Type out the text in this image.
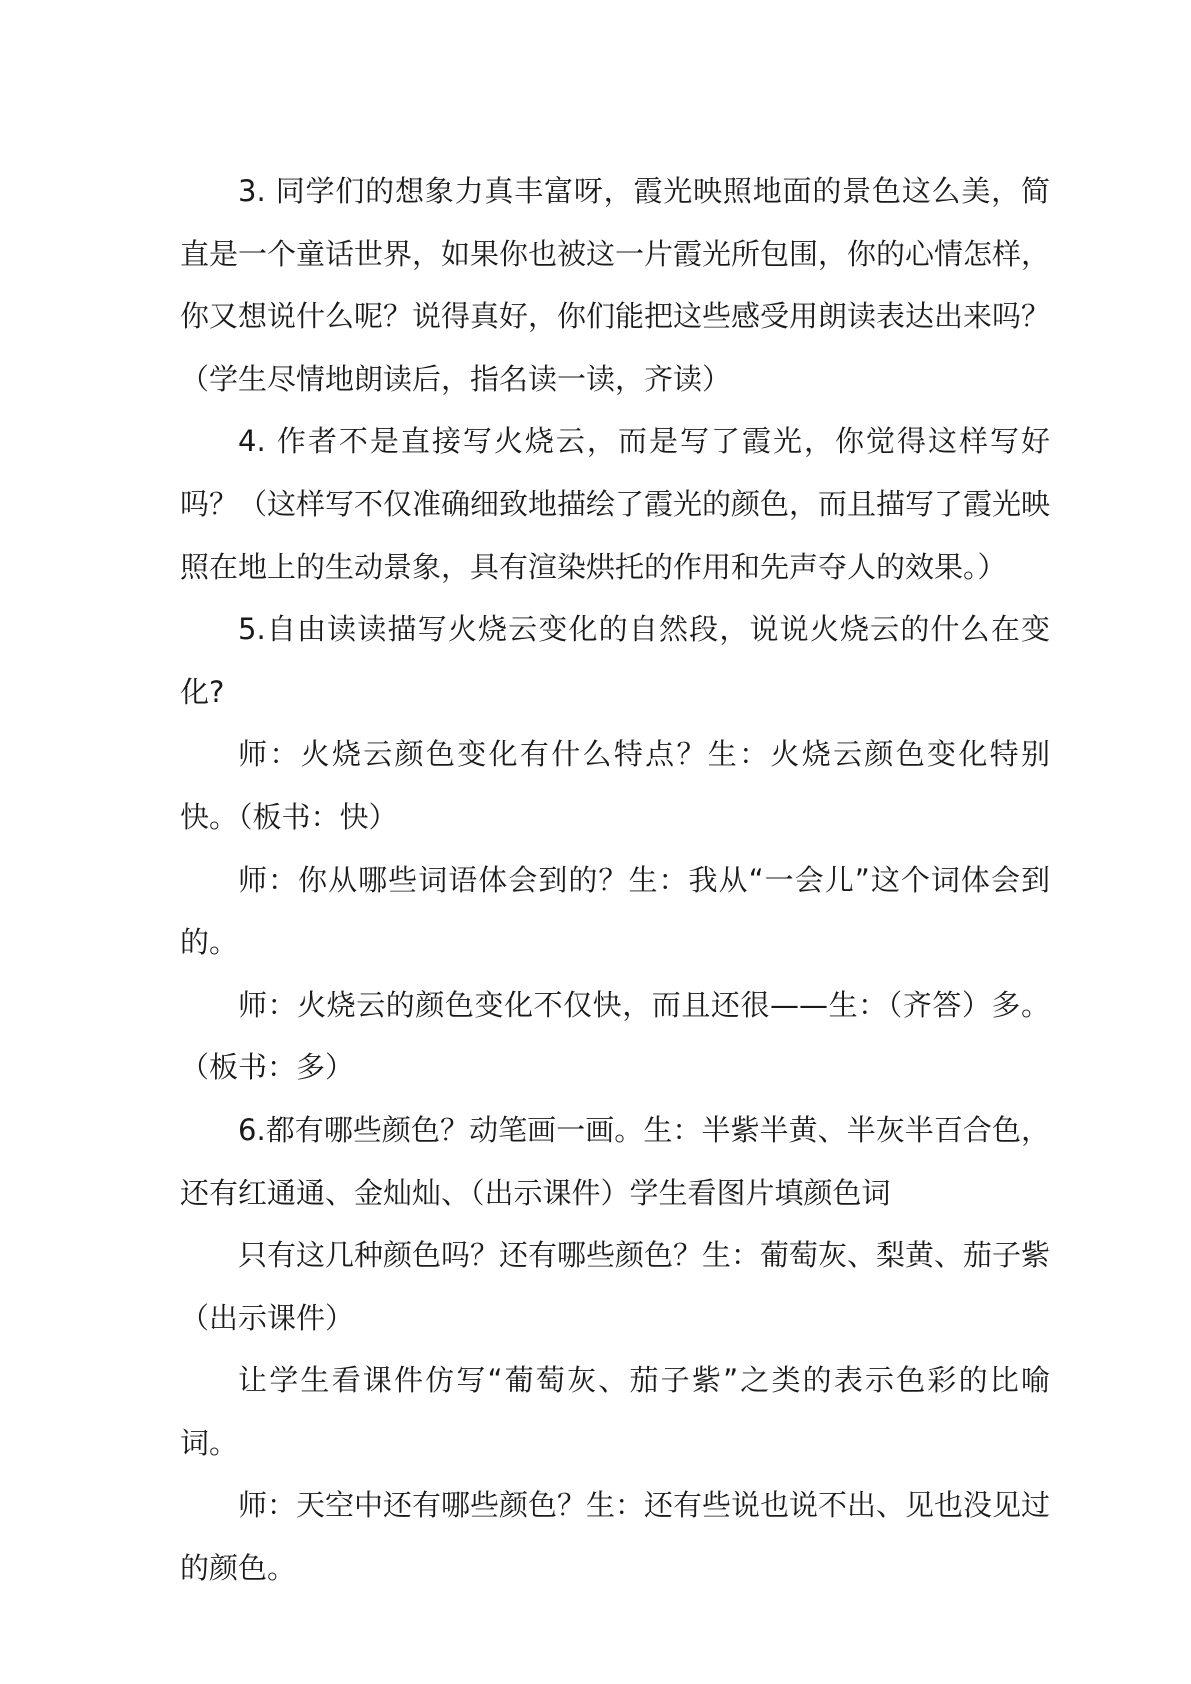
3. 同学们的想象力真丰富呀，霞光映照地面的景色这么美，简直是一个童话世界，如果你也被这一片霞光所包围，你的心情怎样，你又想说什么呢？说得真好，你们能把这些感受用朗读表达出来吗？（学生尽情地朗读后，指名读一读，齐读）

4. 作者不是直接写火烧云，而是写了霞光，你觉得这样写好吗？（这样写不仅准确细致地描绘了霞光的颜色，而且描写了霞光映照在地上的生动景象，具有渲染烘托的作用和先声夺人的效果。）

5.自由读读描写火烧云变化的自然段，说说火烧云的什么在变化?

师：火烧云颜色变化有什么特点？生：火烧云颜色变化特别快。（板书：快）

师：你从哪些词语体会到的？生：我从“一会儿”这个词体会到的。

师：火烧云的颜色变化不仅快，而且还很——生：（齐答）多。（板书：多）

6.都有哪些颜色？动笔画一画。生：半紫半黄、半灰半百合色，还有红通通、金灿灿、（出示课件）学生看图片填颜色词

只有这几种颜色吗？还有哪些颜色？生：葡萄灰、梨黄、茄子紫（出示课件）

让学生看课件仿写“葡萄灰、茄子紫”之类的表示色彩的比喻词。

师：天空中还有哪些颜色？生：还有些说也说不出、见也没见过的颜色。
